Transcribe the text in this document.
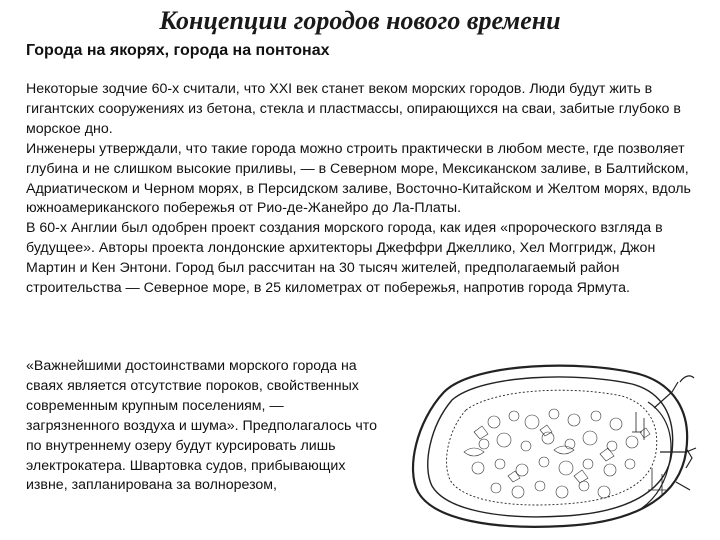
Концепции городов нового времени
Города на якорях, города на понтонах

Некоторые зодчие 60-х считали, что XXI век станет веком морских городов. Люди будут жить в гигантских сооружениях из бетона, стекла и пластмассы, опирающихся на сваи, забитые глубоко в морское дно.

Инженеры утверждали, что такие города можно строить практически в любом месте, где позволяет глубина и не слишком высокие приливы, — в Северном море, Мексиканском заливе, в Балтийском, Адриатическом и Черном морях, в Персидском заливе, Восточно-Китайском и Желтом морях, вдоль южноамериканского побережья от Рио-де-Жанейро до Ла-Платы.

В 60-х Англии был одобрен проект создания морского города, как идея «пророческого взгляда в будущее». Авторы проекта лондонские архитекторы Джеффри Джеллико, Хел Моггридж, Джон Мартин и Кен Энтони. Город был рассчитан на 30 тысяч жителей, предполагаемый район строительства — Северное море, в 25 километрах от побережья, напротив города Ярмута.

«Важнейшими достоинствами морского города на сваях является отсутствие пороков, свойственных современным крупным поселениям, — загрязненного воздуха и шума». Предполагалось что по внутреннему озеру будут курсировать лишь электрокатера. Швартовка судов, прибывающих извне, запланирована за волнорезом,
